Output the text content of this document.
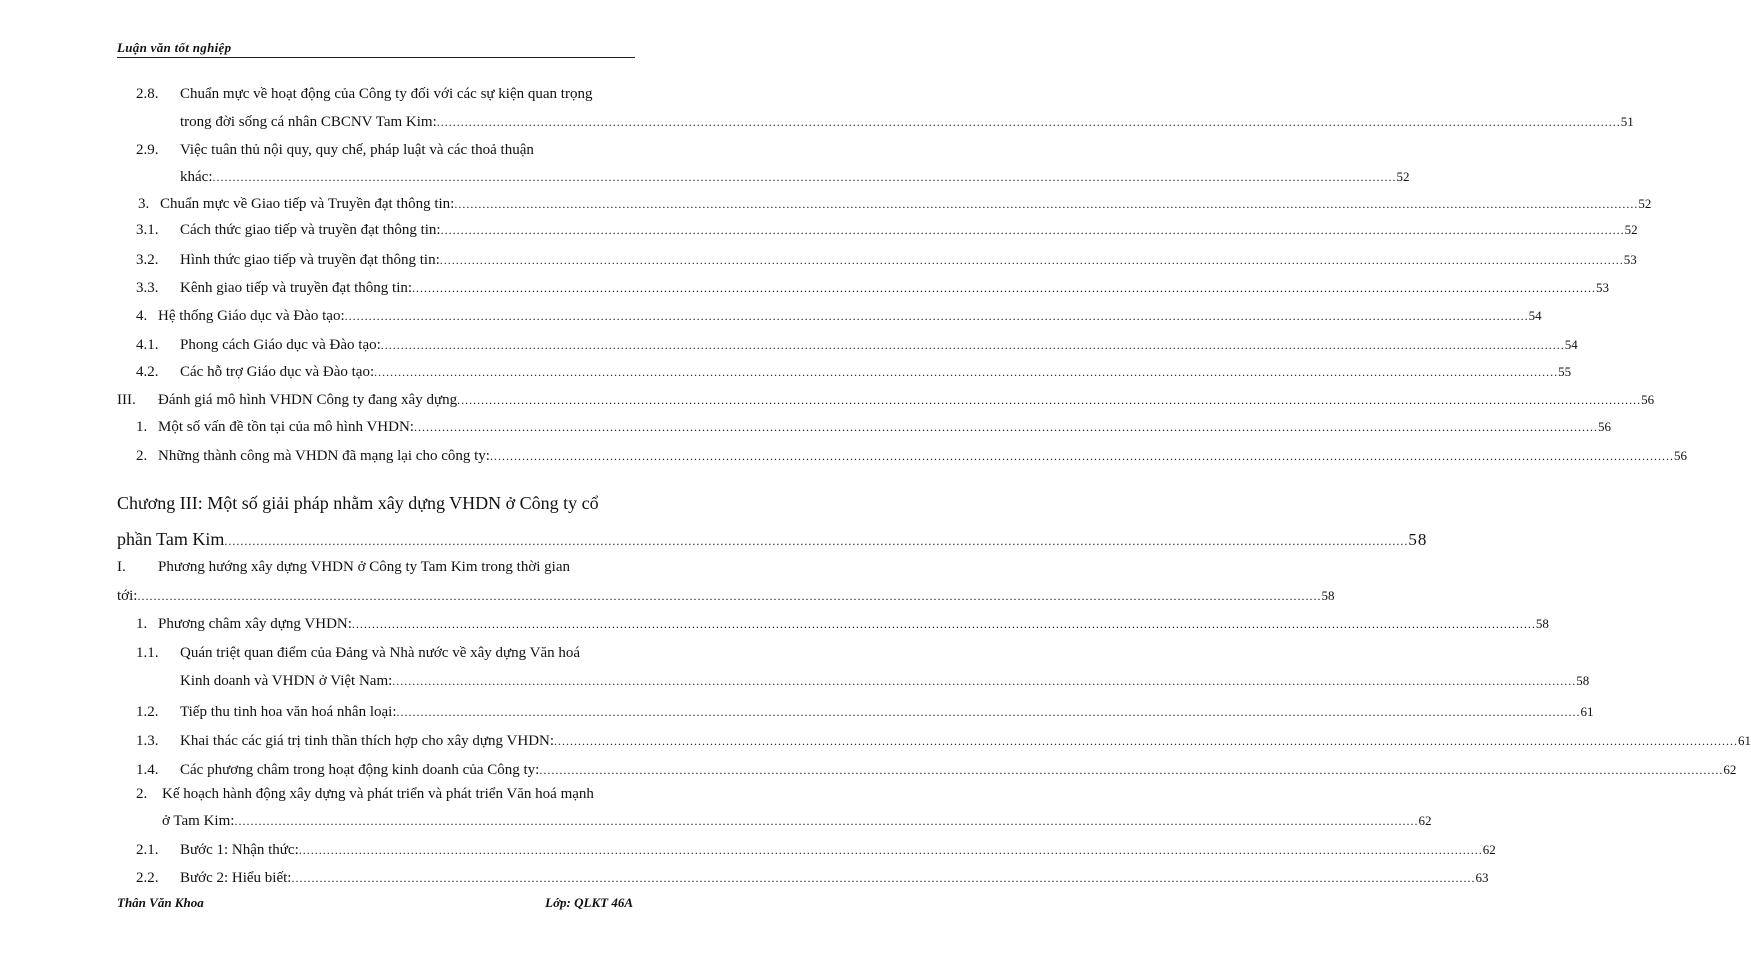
Luận văn tốt nghiệp
2.8. Chuẩn mực về hoạt động của Công ty đối với các sự kiện quan trọng
trong đời sống cá nhân CBCNV Tam Kim: ........................................................................................................................................................................................................................................................................................................ 51
2.9. Việc tuân thủ nội quy, quy chế, pháp luật và các thoả thuận
khác: ........................................................................................................................................................................................................................................................................................................ 52
3. Chuẩn mực về Giao tiếp và Truyền đạt thông tin: ........................................................................................................................................................................................................................................................................................................ 52
3.1. Cách thức giao tiếp và truyền đạt thông tin: ........................................................................................................................................................................................................................................................................................................ 52
3.2. Hình thức giao tiếp và truyền đạt thông tin: ........................................................................................................................................................................................................................................................................................................ 53
3.3. Kênh giao tiếp và truyền đạt thông tin: ........................................................................................................................................................................................................................................................................................................ 53
4. Hệ thống Giáo dục và Đào tạo: ........................................................................................................................................................................................................................................................................................................ 54
4.1. Phong cách Giáo dục và Đào tạo: ........................................................................................................................................................................................................................................................................................................ 54
4.2. Các hỗ trợ Giáo dục và Đào tạo: ........................................................................................................................................................................................................................................................................................................ 55
III. Đánh giá mô hình VHDN Công ty đang xây dựng ........................................................................................................................................................................................................................................................................................................ 56
1. Một số vấn đề tồn tại của mô hình VHDN: ........................................................................................................................................................................................................................................................................................................ 56
2. Những thành công mà VHDN đã mạng lại cho công ty: ........................................................................................................................................................................................................................................................................................................ 56
Chương III: Một số giải pháp nhằm xây dựng VHDN ở Công ty cổ
phần Tam Kim ........................................................................................................................................................................................................................................................................................................ 58
I. Phương hướng xây dựng VHDN ở Công ty Tam Kim trong thời gian
tới: ........................................................................................................................................................................................................................................................................................................ 58
1. Phương châm xây dựng VHDN: ........................................................................................................................................................................................................................................................................................................ 58
1.1. Quán triệt quan điểm của Đảng và Nhà nước về xây dựng Văn hoá
Kinh doanh và VHDN ở Việt Nam: ........................................................................................................................................................................................................................................................................................................ 58
1.2. Tiếp thu tinh hoa văn hoá nhân loại: ........................................................................................................................................................................................................................................................................................................ 61
1.3. Khai thác các giá trị tinh thần thích hợp cho xây dựng VHDN: ........................................................................................................................................................................................................................................................................................................ 61
1.4. Các phương châm trong hoạt động kinh doanh của Công ty: ........................................................................................................................................................................................................................................................................................................ 62
2. Kế hoạch hành động xây dựng và phát triển và phát triển Văn hoá mạnh
ở Tam Kim: ........................................................................................................................................................................................................................................................................................................ 62
2.1. Bước 1: Nhận thức: ........................................................................................................................................................................................................................................................................................................ 62
2.2. Bước 2: Hiểu biết: ........................................................................................................................................................................................................................................................................................................ 63
Thân Văn Khoa	Lớp: QLKT 46A
